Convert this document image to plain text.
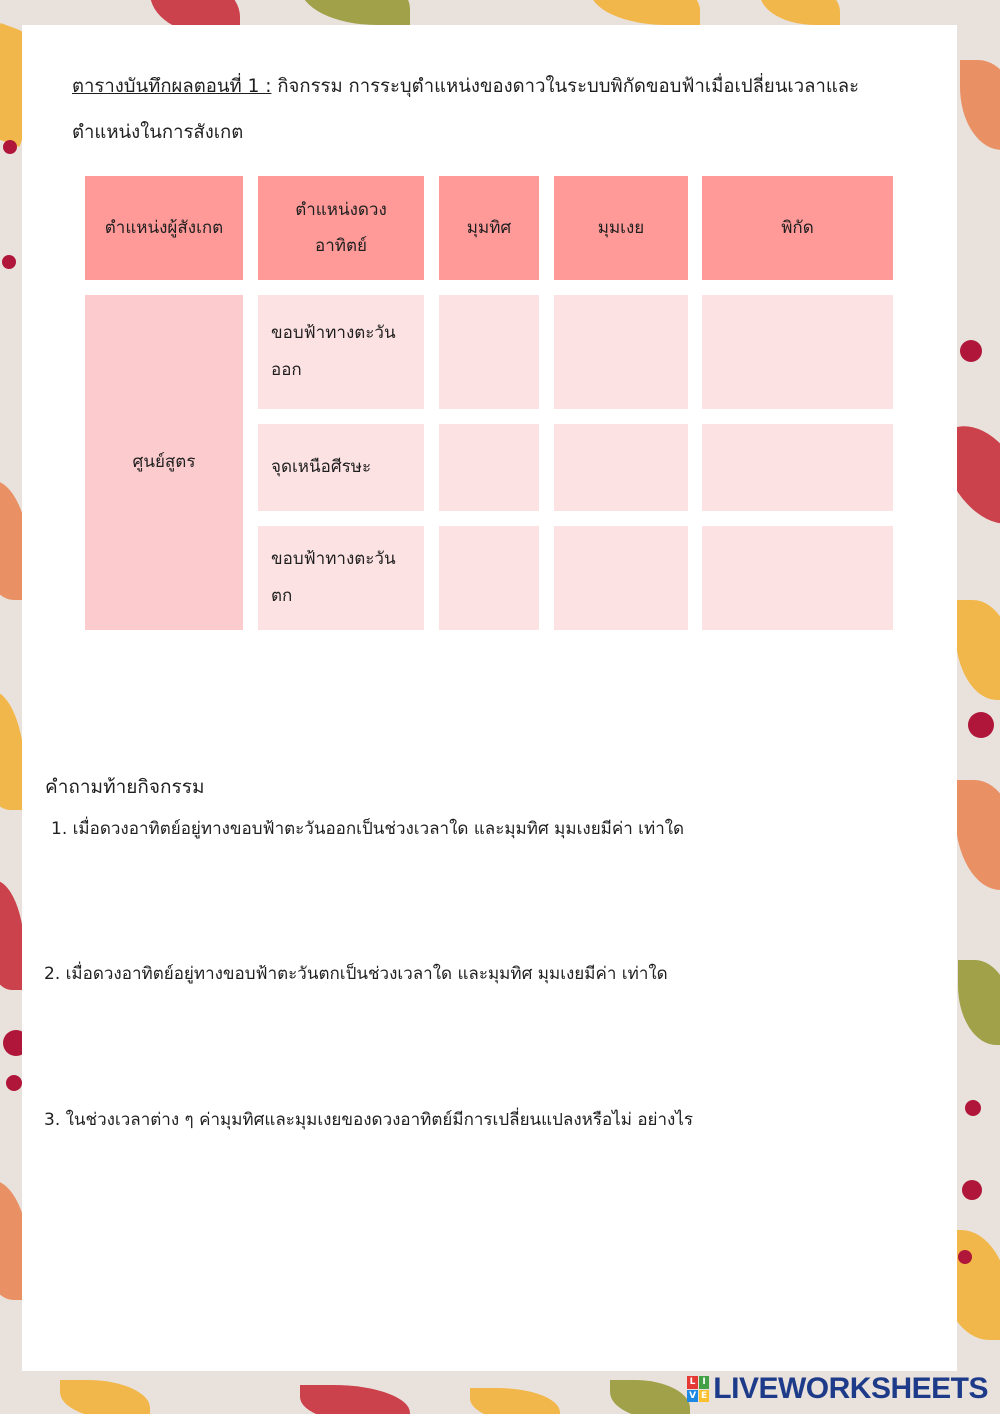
ตารางบันทึกผลตอนที่ 1 : กิจกรรม การระบุตำแหน่งของดาวในระบบพิกัดขอบฟ้าเมื่อเปลี่ยนเวลาและ
ตำแหน่งในการสังเกต
ตำแหน่งผู้สังเกต
ตำแหน่งดวง
อาทิตย์
มุมทิศ	มุมเงย	พิกัด
ศูนย์สูตร
ขอบฟ้าทางตะวัน
ออก
จุดเหนือศีรษะ
ขอบฟ้าทางตะวัน
ตก
คำถามท้ายกิจกรรม
1. เมื่อดวงอาทิตย์อยู่ทางขอบฟ้าตะวันออกเป็นช่วงเวลาใด และมุมทิศ มุมเงยมีค่า เท่าใด
2. เมื่อดวงอาทิตย์อยู่ทางขอบฟ้าตะวันตกเป็นช่วงเวลาใด และมุมทิศ มุมเงยมีค่า เท่าใด
3. ในช่วงเวลาต่าง ๆ ค่ามุมทิศและมุมเงยของดวงอาทิตย์มีการเปลี่ยนแปลงหรือไม่ อย่างไร
L I
V E LIVEWORKSHEETS
